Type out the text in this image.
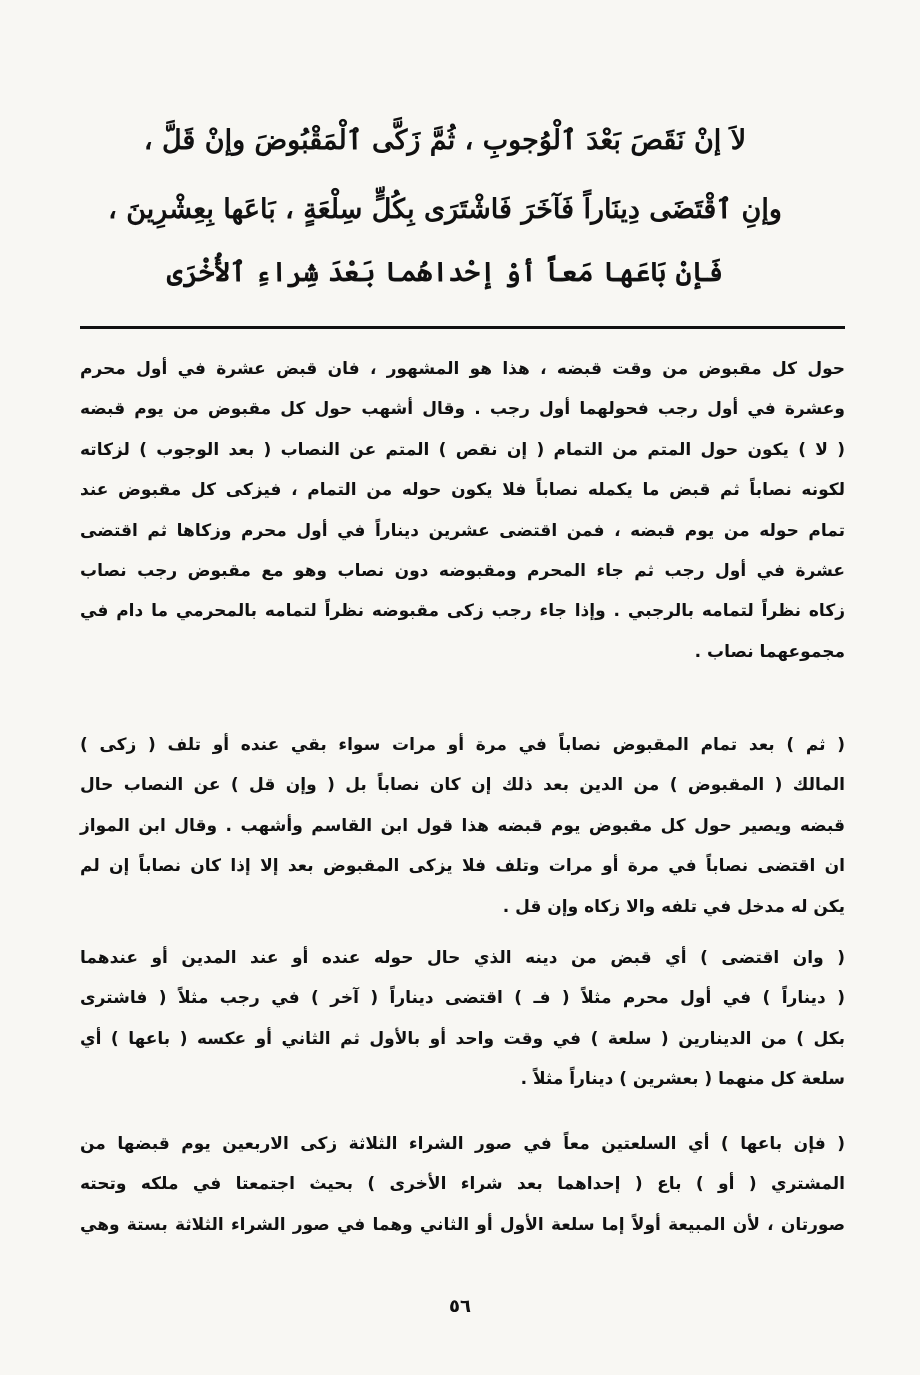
لاَ إنْ نَقَصَ بَعْدَ ٱلْوُجوبِ ، ثُمَّ زَكَّى ٱلْمَقْبُوضَ وإنْ قَلَّ ،
وإنِ ٱقْتَضَى دِينَاراً فَآخَرَ فَاشْتَرَى بِكُلٍّ سِلْعَةٍ ، بَاعَها بِعِشْرِينَ ،
فَإنْ بَاعَها مَعاً أوْ إحْداهُما بَعْدَ شِراءِ ٱلأُخْرَى
حول كل مقبوض من وقت قبضه ، هذا هو المشهور ، فان قبض عشرة في أول محرم
وعشرة في أول رجب فحولهما أول رجب . وقال أشهب حول كل مقبوض من يوم قبضه
( لا ) يكون حول المتم من التمام ( إن نقص ) المتم عن النصاب ( بعد الوجوب ) لزكاته
لكونه نصاباً ثم قبض ما يكمله نصاباً فلا يكون حوله من التمام ، فيزكى كل مقبوض عند
تمام حوله من يوم قبضه ، فمن اقتضى عشرين ديناراً في أول محرم وزكاها ثم اقتضى
عشرة في أول رجب ثم جاء المحرم ومقبوضه دون نصاب وهو مع مقبوض رجب نصاب
زكاه نظراً لتمامه بالرجبي . وإذا جاء رجب زكى مقبوضه نظراً لتمامه بالمحرمي ما دام في
مجموعهما نصاب .
( ثم ) بعد تمام المقبوض نصاباً في مرة أو مرات سواء بقي عنده أو تلف ( زكى )
المالك ( المقبوض ) من الدين بعد ذلك إن كان نصاباً بل ( وإن قل ) عن النصاب حال
قبضه ويصير حول كل مقبوض يوم قبضه هذا قول ابن القاسم وأشهب . وقال ابن المواز
ان اقتضى نصاباً في مرة أو مرات وتلف فلا يزكى المقبوض بعد إلا إذا كان نصاباً إن لم
يكن له مدخل في تلفه والا زكاه وإن قل .
( وان اقتضى ) أي قبض من دينه الذي حال حوله عنده أو عند المدين أو عندهما
( ديناراً ) في أول محرم مثلاً ( فـ ) اقتضى ديناراً ( آخر ) في رجب مثلاً ( فاشترى
بكل ) من الدينارين ( سلعة ) في وقت واحد أو بالأول ثم الثاني أو عكسه ( باعها ) أي
سلعة كل منهما ( بعشرين ) ديناراً مثلاً .
( فإن باعها ) أي السلعتين معاً في صور الشراء الثلاثة زكى الاربعين يوم قبضها من
المشتري ( أو ) باع ( إحداهما بعد شراء الأخرى ) بحيث اجتمعتا في ملكه وتحته
صورتان ، لأن المبيعة أولاً إما سلعة الأول أو الثاني وهما في صور الشراء الثلاثة بستة وهي
٥٦
